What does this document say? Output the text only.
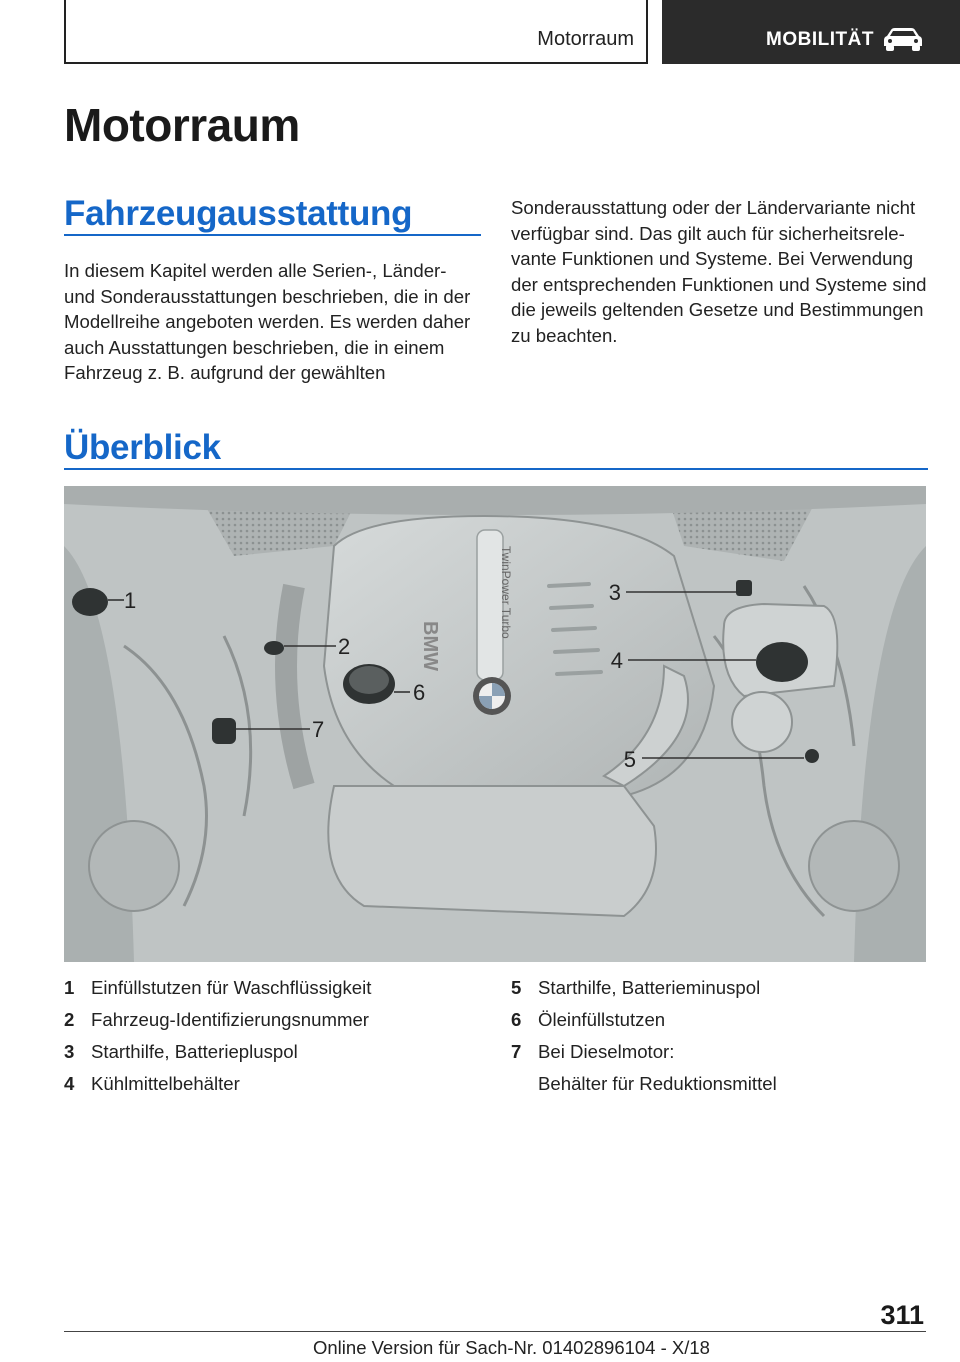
Motorraum	MOBILITÄT
Motorraum
Fahrzeugausstattung

In diesem Kapitel werden alle Serien-, Länder- und Sonderausstattungen beschrieben, die in der Modellreihe angeboten werden. Es werden daher auch Ausstattungen beschrieben, die in einem Fahrzeug z. B. aufgrund der gewählten

Sonderausstattung oder der Ländervariante nicht verfügbar sind. Das gilt auch für sicherheitsrelevante Funktionen und Systeme. Bei Verwendung der entsprechenden Funktionen und Systeme sind die jeweils geltenden Gesetze und Bestimmungen zu beachten.

Überblick
TwinPower Turbo
BMW
1
2
3
4
5
6
7
1 Einfüllstutzen für Waschflüssigkeit
2 Fahrzeug-Identifizierungsnummer
3 Starthilfe, Batteriepluspol
4 Kühlmittelbehälter
5 Starthilfe, Batterieminuspol
6 Öleinfüllstutzen
7 Bei Dieselmotor:
Behälter für Reduktionsmittel
311
Online Version für Sach-Nr. 01402896104 - X/18
